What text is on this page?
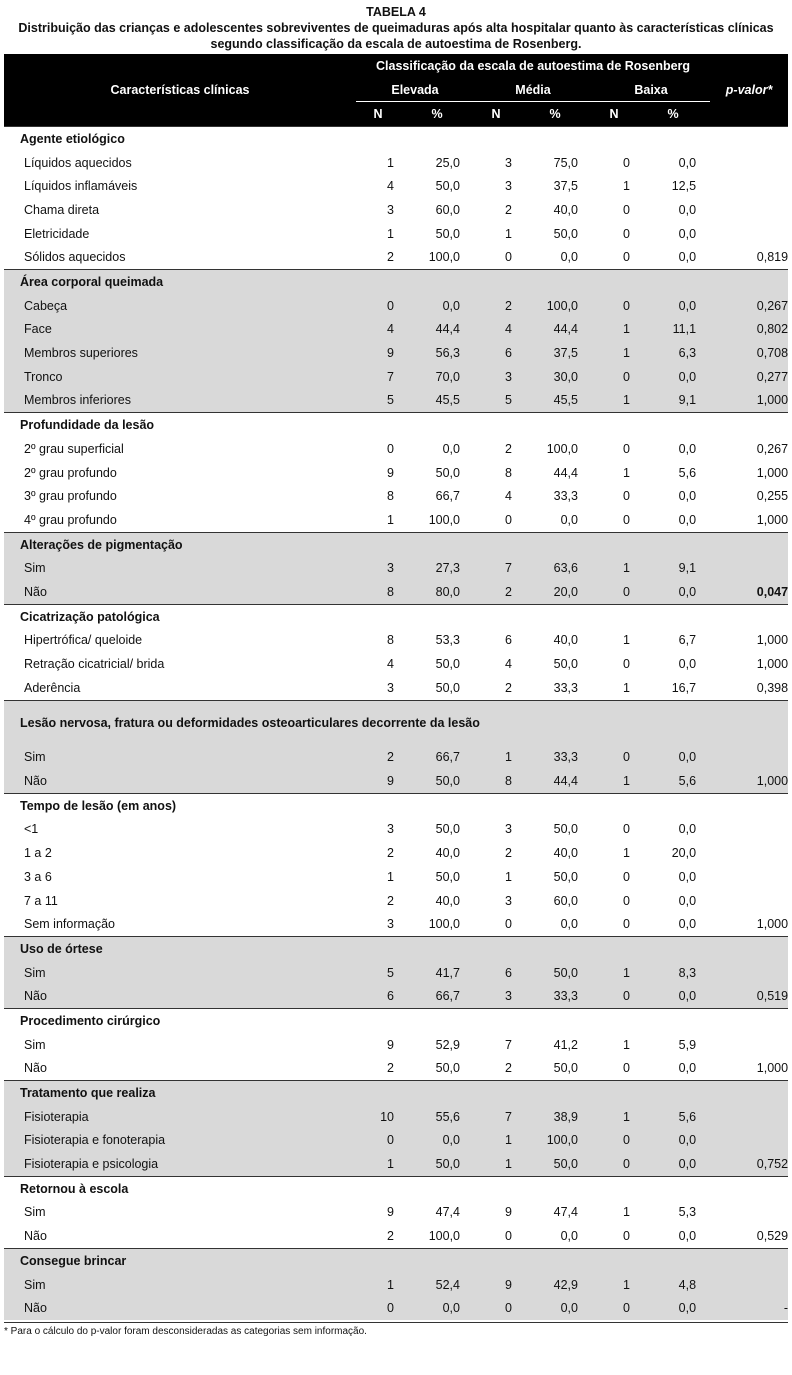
TABELA 4
Distribuição das crianças e adolescentes sobreviventes de queimaduras após alta hospitalar quanto às características clínicas segundo classificação da escala de autoestima de Rosenberg.
Características clínicas	Classificação da escala de autoestima de Rosenberg						p-valor*
	Elevada		Média		Baixa		
	N	%	N	%	N	%	
Agente etiológico							
Líquidos aquecidos	1	25,0	3	75,0	0	0,0	
Líquidos inflamáveis	4	50,0	3	37,5	1	12,5	
Chama direta	3	60,0	2	40,0	0	0,0	
Eletricidade	1	50,0	1	50,0	0	0,0	
Sólidos aquecidos	2	100,0	0	0,0	0	0,0	0,819
Área corporal queimada							
Cabeça	0	0,0	2	100,0	0	0,0	0,267
Face	4	44,4	4	44,4	1	11,1	0,802
Membros superiores	9	56,3	6	37,5	1	6,3	0,708
Tronco	7	70,0	3	30,0	0	0,0	0,277
Membros inferiores	5	45,5	5	45,5	1	9,1	1,000
Profundidade da lesão							
2º grau superficial	0	0,0	2	100,0	0	0,0	0,267
2º grau profundo	9	50,0	8	44,4	1	5,6	1,000
3º grau profundo	8	66,7	4	33,3	0	0,0	0,255
4º grau profundo	1	100,0	0	0,0	0	0,0	1,000
Alterações de pigmentação							
Sim	3	27,3	7	63,6	1	9,1	
Não	8	80,0	2	20,0	0	0,0	0,047
Cicatrização patológica							
Hipertrófica/ queloide	8	53,3	6	40,0	1	6,7	1,000
Retração cicatricial/ brida	4	50,0	4	50,0	0	0,0	1,000
Aderência	3	50,0	2	33,3	1	16,7	0,398
Lesão nervosa, fratura ou deformidades osteoarticulares decorrente da lesão							
Sim	2	66,7	1	33,3	0	0,0	
Não	9	50,0	8	44,4	1	5,6	1,000
Tempo de lesão (em anos)							
<1	3	50,0	3	50,0	0	0,0	
1 a 2	2	40,0	2	40,0	1	20,0	
3 a 6	1	50,0	1	50,0	0	0,0	
7 a 11	2	40,0	3	60,0	0	0,0	
Sem informação	3	100,0	0	0,0	0	0,0	1,000
Uso de órtese							
Sim	5	41,7	6	50,0	1	8,3	
Não	6	66,7	3	33,3	0	0,0	0,519
Procedimento cirúrgico							
Sim	9	52,9	7	41,2	1	5,9	
Não	2	50,0	2	50,0	0	0,0	1,000
Tratamento que realiza							
Fisioterapia	10	55,6	7	38,9	1	5,6	
Fisioterapia e fonoterapia	0	0,0	1	100,0	0	0,0	
Fisioterapia e psicologia	1	50,0	1	50,0	0	0,0	0,752
Retornou à escola							
Sim	9	47,4	9	47,4	1	5,3	
Não	2	100,0	0	0,0	0	0,0	0,529
Consegue brincar							
Sim	1	52,4	9	42,9	1	4,8	
Não	0	0,0	0	0,0	0	0,0	-
* Para o cálculo do p-valor foram desconsideradas as categorias sem informação.
